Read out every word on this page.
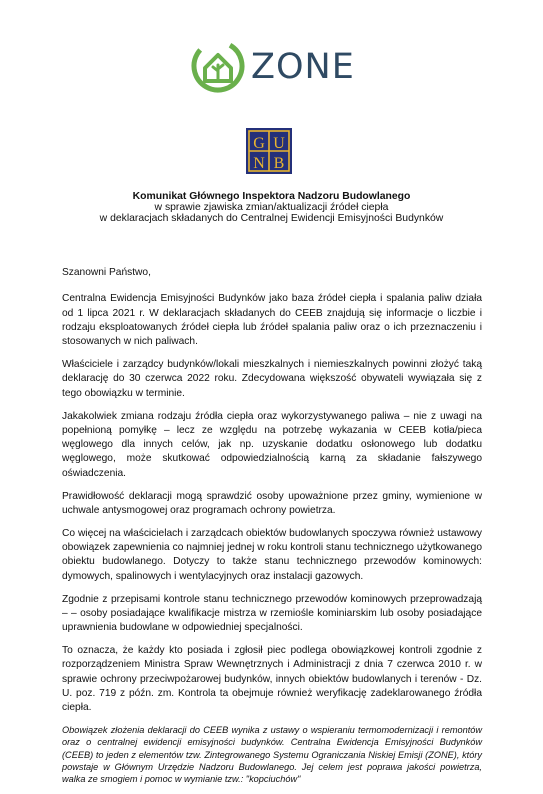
ZONE
G U
N B
Komunikat Głównego Inspektora Nadzoru Budowlanego
w sprawie zjawiska zmian/aktualizacji źródeł ciepła
w deklaracjach składanych do Centralnej Ewidencji Emisyjności Budynków

Szanowni Państwo,

Centralna Ewidencja Emisyjności Budynków jako baza źródeł ciepła i spalania paliw działa od 1 lipca 2021 r. W deklaracjach składanych do CEEB znajdują się informacje o liczbie i rodzaju eksploatowanych źródeł ciepła lub źródeł spalania paliw oraz o ich przeznaczeniu i stosowanych w nich paliwach.

Właściciele i zarządcy budynków/lokali mieszkalnych i niemieszkalnych powinni złożyć taką deklarację do 30 czerwca 2022 roku. Zdecydowana większość obywateli wywiązała się z tego obowiązku w terminie.

Jakakolwiek zmiana rodzaju źródła ciepła oraz wykorzystywanego paliwa – nie z uwagi na popełnioną pomyłkę – lecz ze względu na potrzebę wykazania w CEEB kotła/pieca węglowego dla innych celów, jak np. uzyskanie dodatku osłonowego lub dodatku węglowego, może skutkować odpowiedzialnością karną za składanie fałszywego oświadczenia.

Prawidłowość deklaracji mogą sprawdzić osoby upoważnione przez gminy, wymienione w uchwale antysmogowej oraz programach ochrony powietrza.

Co więcej na właścicielach i zarządcach obiektów budowlanych spoczywa również ustawowy obowiązek zapewnienia co najmniej jednej w roku kontroli stanu technicznego użytkowanego obiektu budowlanego. Dotyczy to także stanu technicznego przewodów kominowych: dymowych, spalinowych i wentylacyjnych oraz instalacji gazowych.

Zgodnie z przepisami kontrole stanu technicznego przewodów kominowych przeprowadzają – – osoby posiadające kwalifikacje mistrza w rzemiośle kominiarskim lub osoby posiadające uprawnienia budowlane w odpowiedniej specjalności.

To oznacza, że każdy kto posiada i zgłosił piec podlega obowiązkowej kontroli zgodnie z rozporządzeniem Ministra Spraw Wewnętrznych i Administracji z dnia 7 czerwca 2010 r. w sprawie ochrony przeciwpożarowej budynków, innych obiektów budowlanych i terenów - Dz. U. poz. 719 z późn. zm. Kontrola ta obejmuje również weryfikację zadeklarowanego źródła ciepła.

Obowiązek złożenia deklaracji do CEEB wynika z ustawy o wspieraniu termomodernizacji i remontów oraz o centralnej ewidencji emisyjności budynków. Centralna Ewidencja Emisyjności Budynków (CEEB) to jeden z elementów tzw. Zintegrowanego Systemu Ograniczania Niskiej Emisji (ZONE), który powstaje w Głównym Urzędzie Nadzoru Budowlanego. Jej celem jest poprawa jakości powietrza, walka ze smogiem i pomoc w wymianie tzw.: "kopciuchów"
